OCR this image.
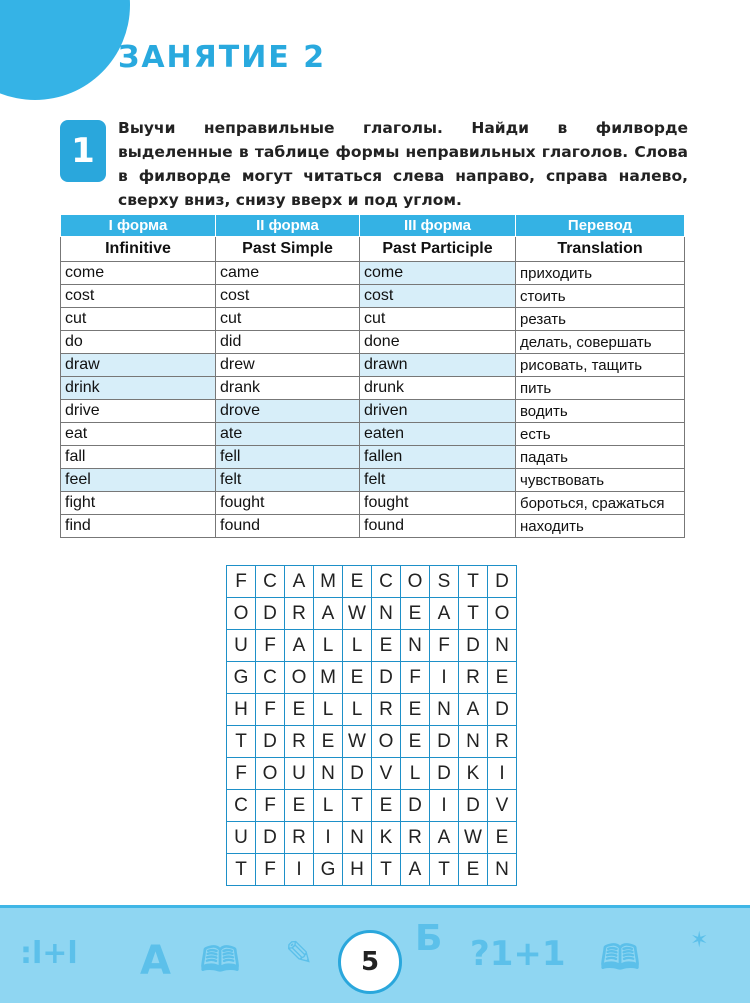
ЗАНЯТИЕ 2
1
Выучи неправильные глаголы. Найди в филворде выделенные в таблице формы неправильных глаголов. Слова в филворде могут читаться слева направо, справа налево, сверху вниз, снизу вверх и под углом.
I форма	II форма	III форма	Перевод
Infinitive	Past Simple	Past Participle	Translation
come	came	come	приходить
cost	cost	cost	стоить
cut	cut	cut	резать
do	did	done	делать, совершать
draw	drew	drawn	рисовать, тащить
drink	drank	drunk	пить
drive	drove	driven	водить
eat	ate	eaten	есть
fall	fell	fallen	падать
feel	felt	felt	чувствовать
fight	fought	fought	бороться, сражаться
find	found	found	находить
F C A M E C O S T D
O D R A W N E A T O
U F A L L E N F D N
G C O M E D F	I	R E
H F E L L R E N A D
T D R E W O E D N R
F O U N D V L D K	I
C F E L T E D	I	D V
U D R	I	N K R A W E
T F	I G H T A T E N
:l+l A 🕮 ✎	Б ?1+1 🕮 ✶
5
